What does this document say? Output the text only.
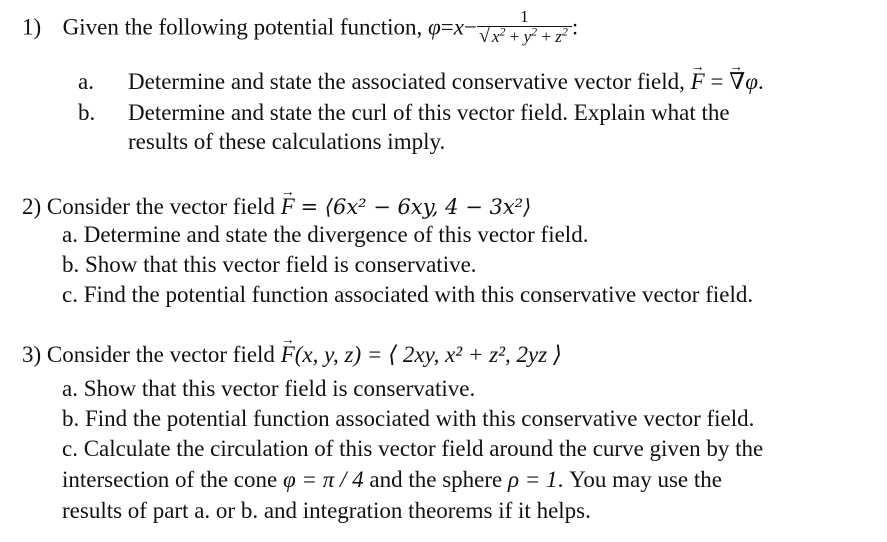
1) Given the following potential function, $\varphi=x- \frac{1}{√ x^2 + y^2 + z^2}$ :
a. Determine and state the associated conservative vector field, → F = → ∇φ.
b. Determine and state the curl of this vector field. Explain what the
results of these calculations imply.
2) Consider the vector field → F = ⟨6x² − 6xy, 4 − 3x²⟩
a. Determine and state the divergence of this vector field.
b. Show that this vector field is conservative.
c. Find the potential function associated with this conservative vector field.
3) Consider the vector field → F(x, y, z) = ⟨ 2xy, x² + z², 2yz ⟩
a. Show that this vector field is conservative.
b. Find the potential function associated with this conservative vector field.
c. Calculate the circulation of this vector field around the curve given by the
intersection of the cone φ = π / 4 and the sphere ρ = 1. You may use the
results of part a. or b. and integration theorems if it helps.
